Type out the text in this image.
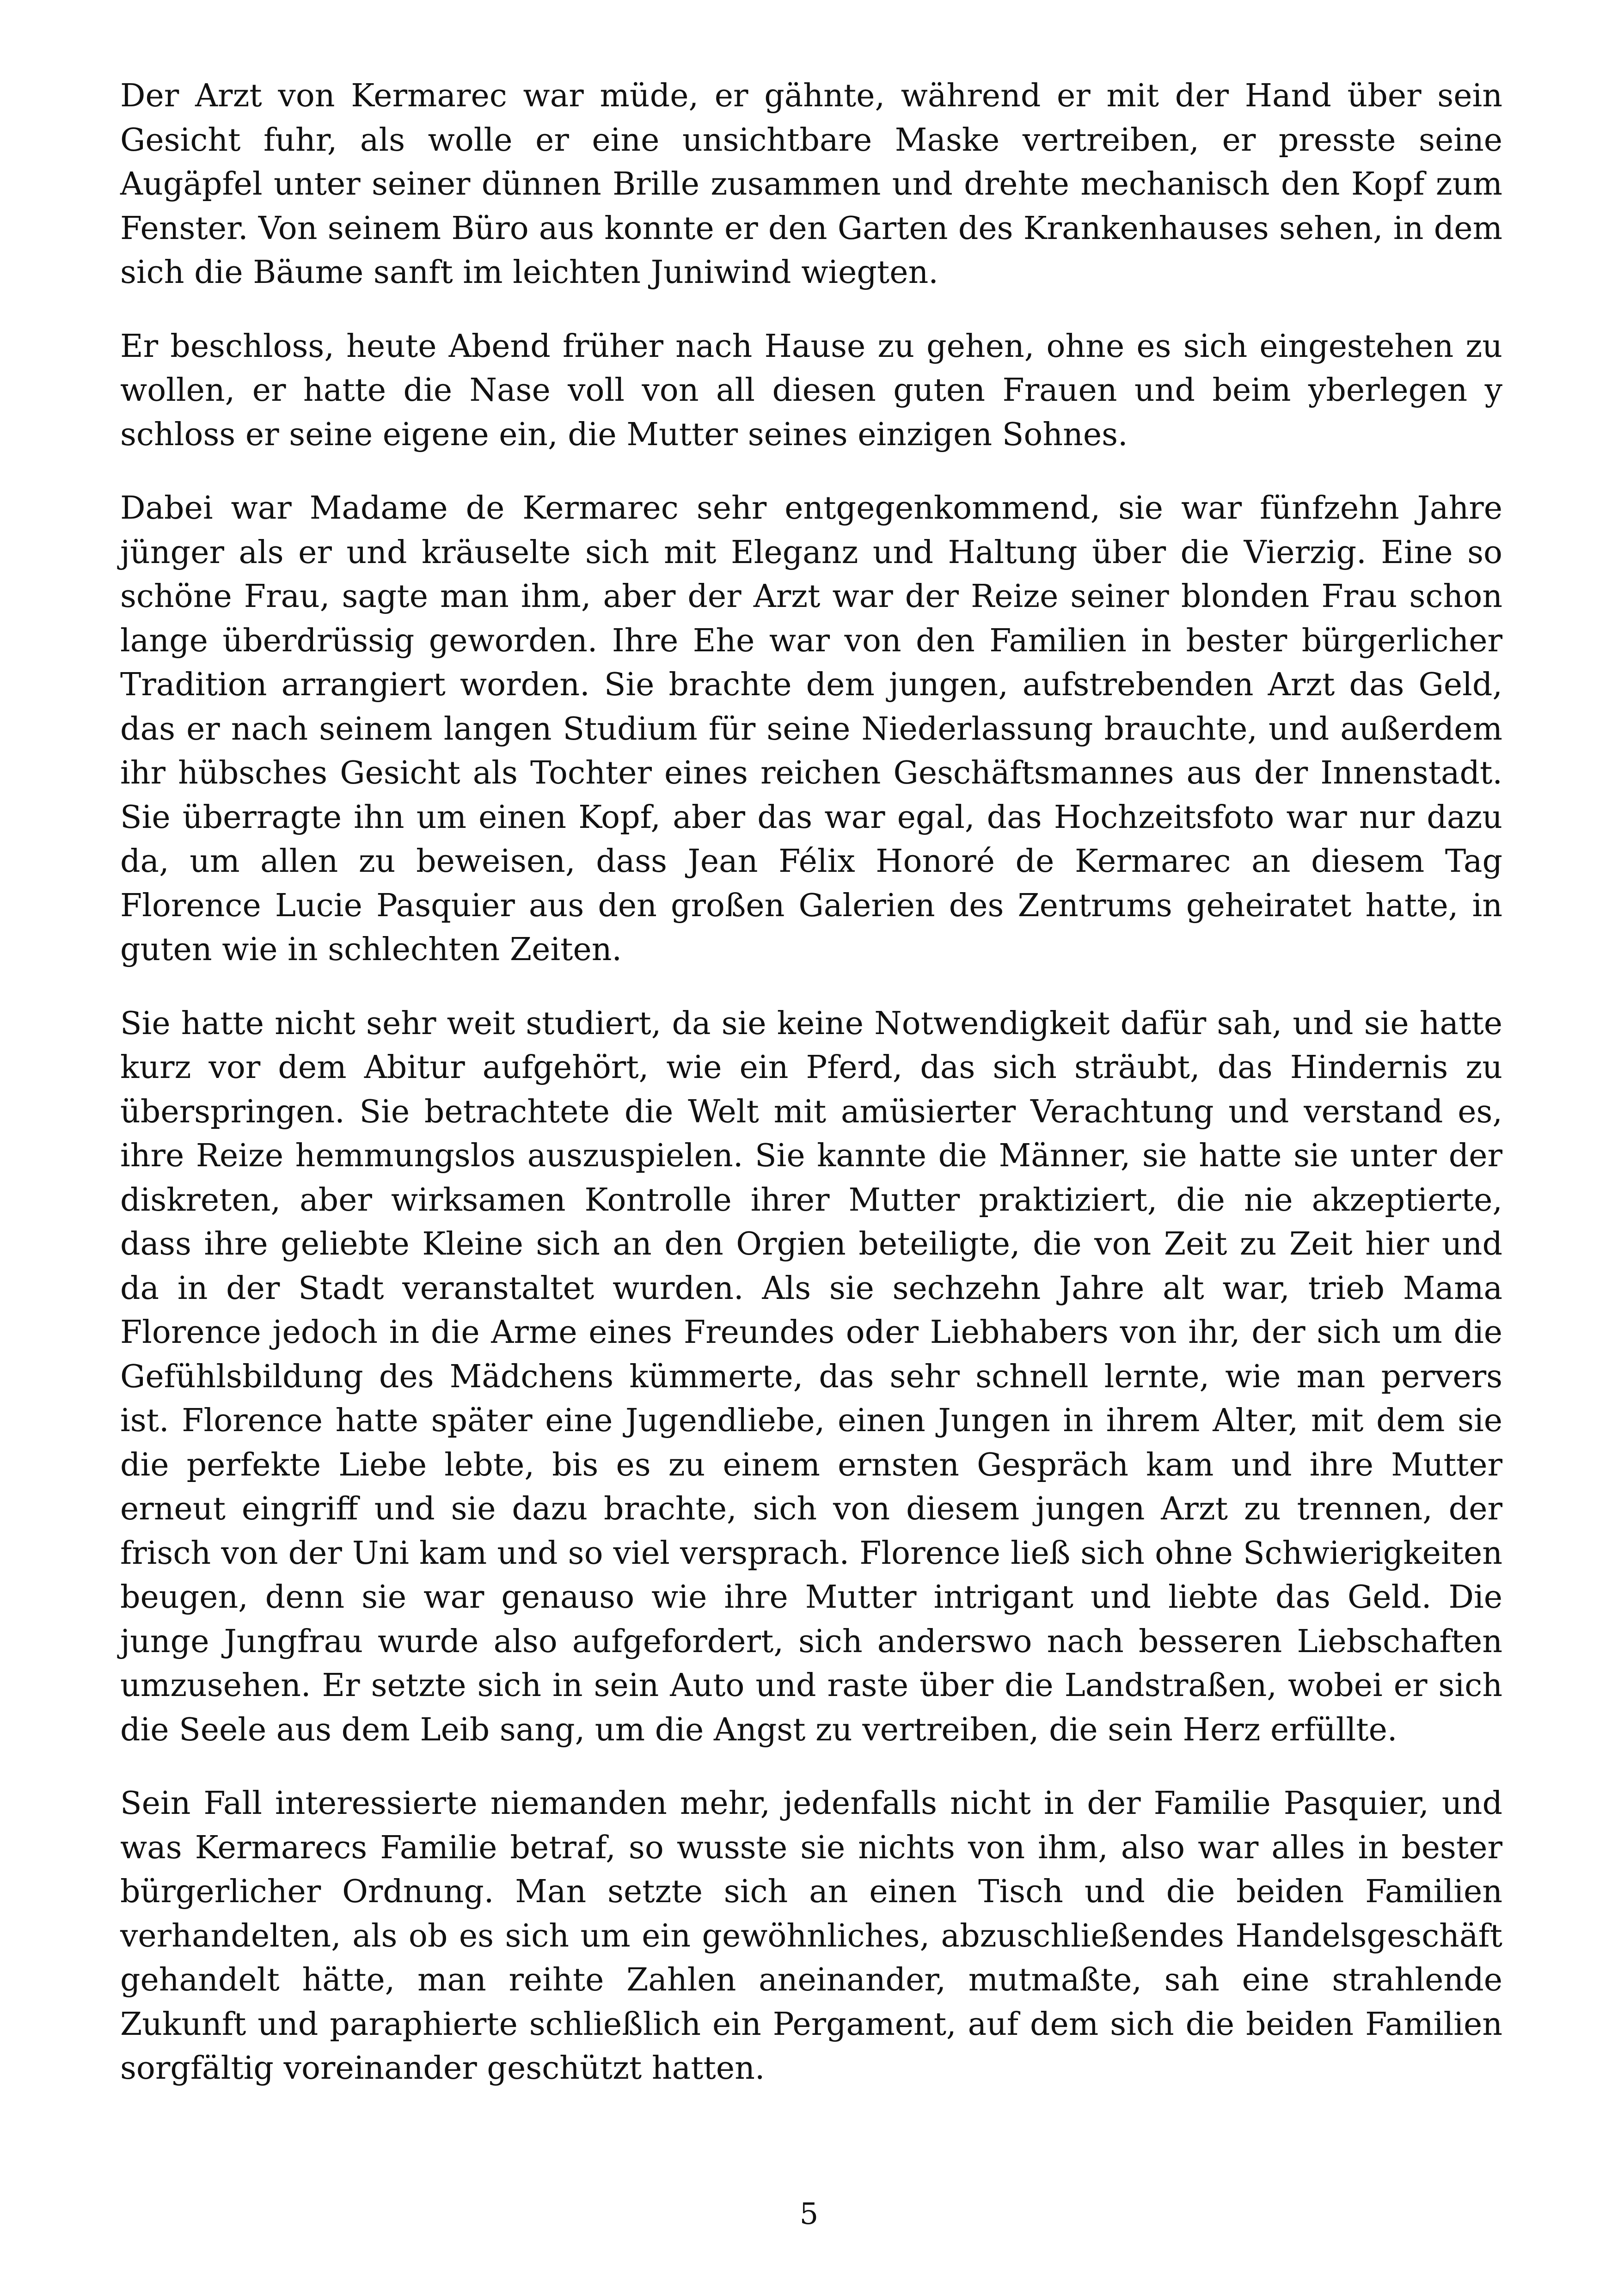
Der Arzt von Kermarec war müde, er gähnte, während er mit der Hand über sein Gesicht fuhr, als wolle er eine unsichtbare Maske vertreiben, er presste seine Augäpfel unter seiner dünnen Brille zusammen und drehte mechanisch den Kopf zum Fenster. Von seinem Büro aus konnte er den Garten des Krankenhauses sehen, in dem sich die Bäume sanft im leichten Juniwind wiegten.

Er beschloss, heute Abend früher nach Hause zu gehen, ohne es sich eingestehen zu wollen, er hatte die Nase voll von all diesen guten Frauen und beim yberlegen y schloss er seine eigene ein, die Mutter seines einzigen Sohnes.

Dabei war Madame de Kermarec sehr entgegenkommend, sie war fünfzehn Jahre jünger als er und kräuselte sich mit Eleganz und Haltung über die Vierzig. Eine so schöne Frau, sagte man ihm, aber der Arzt war der Reize seiner blonden Frau schon lange überdrüssig geworden. Ihre Ehe war von den Familien in bester bürgerlicher Tradition arrangiert worden. Sie brachte dem jungen, aufstrebenden Arzt das Geld, das er nach seinem langen Studium für seine Niederlassung brauchte, und außerdem ihr hübsches Gesicht als Tochter eines reichen Geschäftsmannes aus der Innenstadt. Sie überragte ihn um einen Kopf, aber das war egal, das Hochzeitsfoto war nur dazu da, um allen zu beweisen, dass Jean Félix Honoré de Kermarec an diesem Tag Florence Lucie Pasquier aus den großen Galerien des Zentrums geheiratet hatte, in guten wie in schlechten Zeiten.

Sie hatte nicht sehr weit studiert, da sie keine Notwendigkeit dafür sah, und sie hatte kurz vor dem Abitur aufgehört, wie ein Pferd, das sich sträubt, das Hindernis zu überspringen. Sie betrachtete die Welt mit amüsierter Verachtung und verstand es, ihre Reize hemmungslos auszuspielen. Sie kannte die Männer, sie hatte sie unter der diskreten, aber wirksamen Kontrolle ihrer Mutter praktiziert, die nie akzeptierte, dass ihre geliebte Kleine sich an den Orgien beteiligte, die von Zeit zu Zeit hier und da in der Stadt veranstaltet wurden. Als sie sechzehn Jahre alt war, trieb Mama Florence jedoch in die Arme eines Freundes oder Liebhabers von ihr, der sich um die Gefühlsbildung des Mädchens kümmerte, das sehr schnell lernte, wie man pervers ist. Florence hatte später eine Jugendliebe, einen Jungen in ihrem Alter, mit dem sie die perfekte Liebe lebte, bis es zu einem ernsten Gespräch kam und ihre Mutter erneut eingriff und sie dazu brachte, sich von diesem jungen Arzt zu trennen, der frisch von der Uni kam und so viel versprach. Florence ließ sich ohne Schwierigkeiten beugen, denn sie war genauso wie ihre Mutter intrigant und liebte das Geld. Die junge Jungfrau wurde also aufgefordert, sich anderswo nach besseren Liebschaften umzusehen. Er setzte sich in sein Auto und raste über die Landstraßen, wobei er sich die Seele aus dem Leib sang, um die Angst zu vertreiben, die sein Herz erfüllte.

Sein Fall interessierte niemanden mehr, jedenfalls nicht in der Familie Pasquier, und was Kermarecs Familie betraf, so wusste sie nichts von ihm, also war alles in bester bürgerlicher Ordnung. Man setzte sich an einen Tisch und die beiden Familien verhandelten, als ob es sich um ein gewöhnliches, abzuschließendes Handelsgeschäft gehandelt hätte, man reihte Zahlen aneinander, mutmaßte, sah eine strahlende Zukunft und paraphierte schließlich ein Pergament, auf dem sich die beiden Familien sorgfältig voreinander geschützt hatten.

5
